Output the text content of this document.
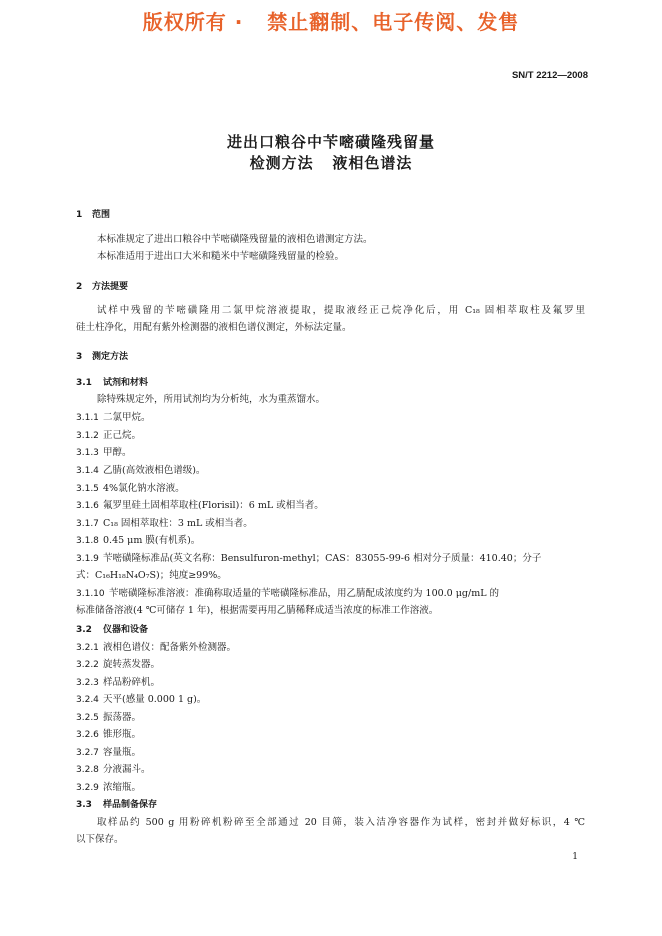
版权所有 ·   禁止翻制、电子传阅、发售
SN/T 2212—2008
进出口粮谷中苄嘧磺隆残留量
检测方法   液相色谱法
1 范围
本标准规定了进出口粮谷中苄嘧磺隆残留量的液相色谱测定方法。
本标准适用于进出口大米和糙米中苄嘧磺隆残留量的检验。
2 方法提要
试样中残留的苄嘧磺隆用二氯甲烷溶液提取，提取液经正己烷净化后，用 C₁₈ 固相萃取柱及氟罗里
硅土柱净化，用配有紫外检测器的液相色谱仪测定，外标法定量。
3 测定方法
3.1 试剂和材料
除特殊规定外，所用试剂均为分析纯，水为重蒸馏水。
3.1.1 二氯甲烷。
3.1.2 正己烷。
3.1.3 甲醇。
3.1.4 乙腈(高效液相色谱级)。
3.1.5 4%氯化钠水溶液。
3.1.6 氟罗里硅土固相萃取柱(Florisil)：6 mL 或相当者。
3.1.7 C₁₈ 固相萃取柱：3 mL 或相当者。
3.1.8 0.45 μm 膜(有机系)。
3.1.9 苄嘧磺隆标准品(英文名称：Bensulfuron-methyl；CAS：83055-99-6 相对分子质量：410.40；分子
式：C₁₆H₁₈N₄O₇S)；纯度≥99%。
3.1.10 苄嘧磺隆标准溶液：准确称取适量的苄嘧磺隆标准品，用乙腈配成浓度约为 100.0 μg/mL 的
标准储备溶液(4 ℃可储存 1 年)，根据需要再用乙腈稀释成适当浓度的标准工作溶液。
3.2 仪器和设备
3.2.1 液相色谱仪：配备紫外检测器。
3.2.2 旋转蒸发器。
3.2.3 样品粉碎机。
3.2.4 天平(感量 0.000 1 g)。
3.2.5 振荡器。
3.2.6 锥形瓶。
3.2.7 容量瓶。
3.2.8 分液漏斗。
3.2.9 浓缩瓶。
3.3 样品制备保存
取样品约 500 g 用粉碎机粉碎至全部通过 20 目筛，装入洁净容器作为试样，密封并做好标识，4 ℃
以下保存。
1
